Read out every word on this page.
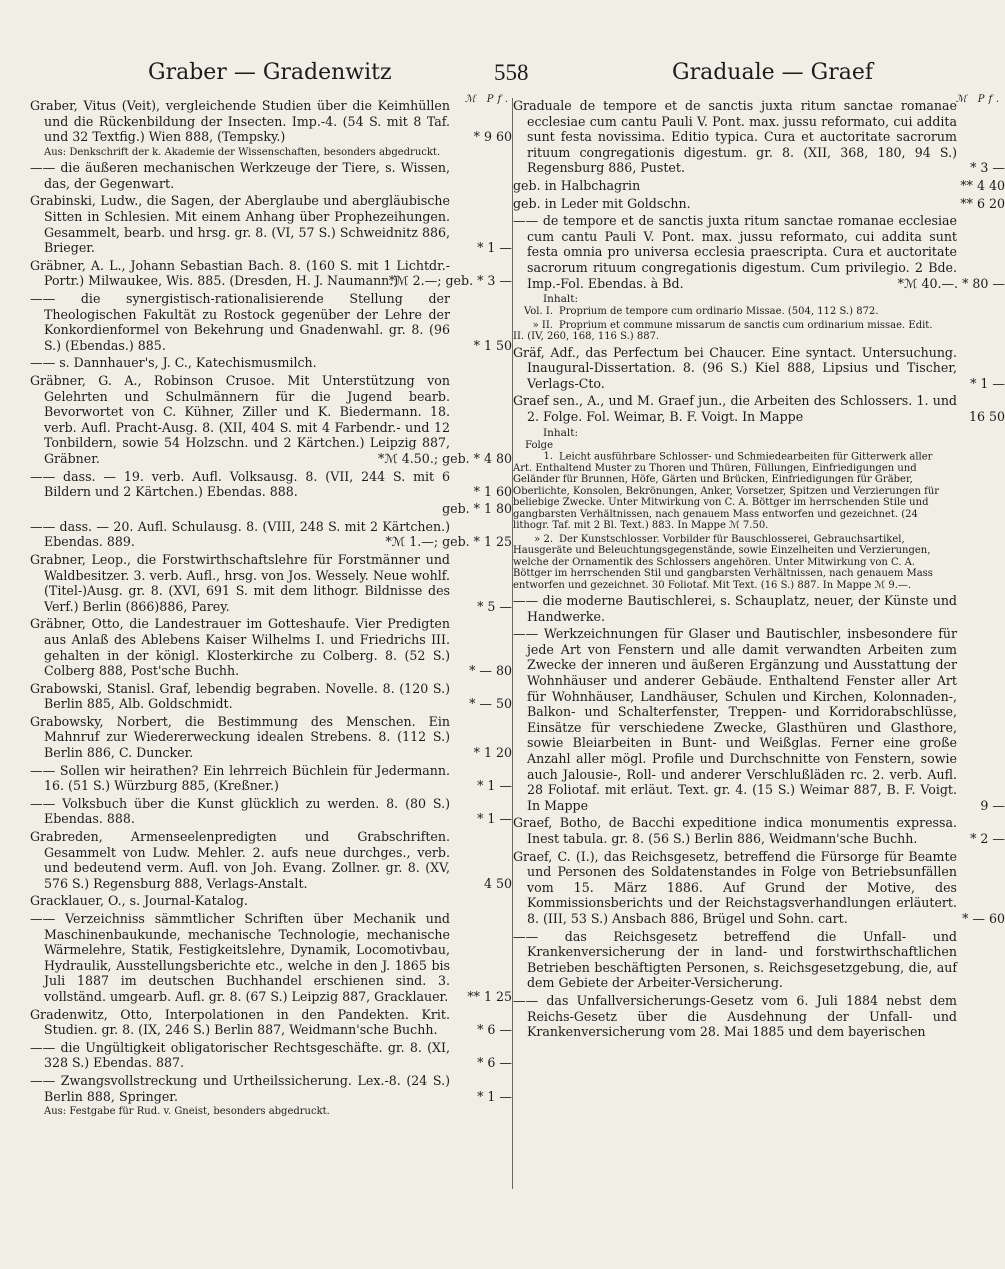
Graber — Gradenwitz	558	Graduale — Graef
ℳ Pf.
Graber, Vitus (Veit), vergleichende Studien über die Keimhüllen und die Rückenbildung der Insecten. Imp.-4. (54 S. mit 8 Taf. und 32 Textfig.) Wien 888, (Tempsky.)	* 9 60
Aus: Denkschrift der k. Akademie der Wissenschaften, besonders abgedruckt.
—— die äußeren mechanischen Werkzeuge der Tiere, s. Wissen, das, der Gegenwart.
Grabinski, Ludw., die Sagen, der Aberglaube und abergläubische Sitten in Schlesien. Mit einem Anhang über Prophezeihungen. Gesammelt, bearb. und hrsg. gr. 8. (VI, 57 S.) Schweidnitz 886, Brieger.	* 1 —
Gräbner, A. L., Johann Sebastian Bach. 8. (160 S. mit 1 Lichtdr.-Portr.) Milwaukee, Wis. 885. (Dresden, H. J. Naumann.)
*ℳ 2.—; geb. * 3 —
—— die synergistisch-rationalisierende Stellung der Theologischen Fakultät zu Rostock gegenüber der Lehre der Konkordienformel von Bekehrung und Gnadenwahl. gr. 8. (96 S.) (Ebendas.) 885.	* 1 50
—— s. Dannhauer's, J. C., Katechismusmilch.
Gräbner, G. A., Robinson Crusoe. Mit Unterstützung von Gelehrten und Schulmännern für die Jugend bearb. Bevorwortet von C. Kühner, Ziller und K. Biedermann. 18. verb. Aufl. Pracht-Ausg. 8. (XII, 404 S. mit 4 Farbendr.- und 12 Tonbildern, sowie 54 Holzschn. und 2 Kärtchen.) Leipzig 887, Gräbner.	*ℳ 4.50.; geb. * 4 80
—— dass. — 19. verb. Aufl. Volksausg. 8. (VII, 244 S. mit 6 Bildern und 2 Kärtchen.) Ebendas. 888.	* 1 60
geb. * 1 80
—— dass. — 20. Aufl. Schulausg. 8. (VIII, 248 S. mit 2 Kärtchen.) Ebendas. 889.	*ℳ 1.—; geb. * 1 25
Grabner, Leop., die Forstwirthschaftslehre für Forstmänner und Waldbesitzer. 3. verb. Aufl., hrsg. von Jos. Wessely. Neue wohlf. (Titel-)Ausg. gr. 8. (XVI, 691 S. mit dem lithogr. Bildnisse des Verf.) Berlin (866)886, Parey.	* 5 —
Gräbner, Otto, die Landestrauer im Gotteshaufe. Vier Predigten aus Anlaß des Ablebens Kaiser Wilhelms I. und Friedrichs III. gehalten in der königl. Klosterkirche zu Colberg. 8. (52 S.) Colberg 888, Post'sche Buchh.	* — 80
Grabowski, Stanisl. Graf, lebendig begraben. Novelle. 8. (120 S.) Berlin 885, Alb. Goldschmidt.	* — 50
Grabowsky, Norbert, die Bestimmung des Menschen. Ein Mahnruf zur Wiedererweckung idealen Strebens. 8. (112 S.) Berlin 886, C. Duncker.	* 1 20
—— Sollen wir heirathen? Ein lehrreich Büchlein für Jedermann. 16. (51 S.) Würzburg 885, (Kreßner.)	* 1 —
—— Volksbuch über die Kunst glücklich zu werden. 8. (80 S.) Ebendas. 888.	* 1 —
Grabreden, Armenseelenpredigten und Grabschriften. Gesammelt von Ludw. Mehler. 2. aufs neue durchges., verb. und bedeutend verm. Aufl. von Joh. Evang. Zollner. gr. 8. (XV, 576 S.) Regensburg 888, Verlags-Anstalt.	4 50
Gracklauer, O., s. Journal-Katalog.
—— Verzeichniss sämmtlicher Schriften über Mechanik und Maschinenbaukunde, mechanische Technologie, mechanische Wärmelehre, Statik, Festigkeitslehre, Dynamik, Locomotivbau, Hydraulik, Ausstellungsberichte etc., welche in den J. 1865 bis Juli 1887 im deutschen Buchhandel erschienen sind. 3. vollständ. umgearb. Aufl. gr. 8. (67 S.) Leipzig 887, Gracklauer. ** 1 25
Gradenwitz, Otto, Interpolationen in den Pandekten. Krit. Studien. gr. 8. (IX, 246 S.) Berlin 887, Weidmann'sche Buchh.	* 6 —
—— die Ungültigkeit obligatorischer Rechtsgeschäfte. gr. 8. (XI, 328 S.) Ebendas. 887.	* 6 —
—— Zwangsvollstreckung und Urtheilssicherung. Lex.-8. (24 S.) Berlin 888, Springer.	* 1 —
Aus: Festgabe für Rud. v. Gneist, besonders abgedruckt.
ℳ Pf.
Graduale de tempore et de sanctis juxta ritum sanctae romanae ecclesiae cum cantu Pauli V. Pont. max. jussu reformato, cui addita sunt festa novissima. Editio typica. Cura et auctoritate sacrorum rituum congregationis digestum. gr. 8. (XII, 368, 180, 94 S.) Regensburg 886, Pustet.	* 3 —
geb. in Halbchagrin	** 4 40
geb. in Leder mit Goldschn.	** 6 20
—— de tempore et de sanctis juxta ritum sanctae romanae ecclesiae cum cantu Pauli V. Pont. max. jussu reformato, cui addita sunt festa omnia pro universa ecclesia praescripta. Cura et auctoritate sacrorum rituum congregationis digestum. Cum privilegio. 2 Bde. Imp.-Fol. Ebendas. à Bd.	*ℳ 40.—. * 80 —
Inhalt:
Vol. I. Proprium de tempore cum ordinario Missae. (504, 112 S.) 872.
» II. Proprium et commune missarum de sanctis cum ordinarium missae. Edit. II. (IV, 260, 168, 116 S.) 887.
Gräf, Adf., das Perfectum bei Chaucer. Eine syntact. Untersuchung. Inaugural-Dissertation. 8. (96 S.) Kiel 888, Lipsius und Tischer, Verlags-Cto.	* 1 —
Graef sen., A., und M. Graef jun., die Arbeiten des Schlossers. 1. und 2. Folge. Fol. Weimar, B. F. Voigt. In Mappe	16 50
Inhalt:
Folge 1. Leicht ausführbare Schlosser- und Schmiedearbeiten für Gitterwerk aller Art. Enthaltend Muster zu Thoren und Thüren, Füllungen, Einfriedigungen und Geländer für Brunnen, Höfe, Gärten und Brücken, Einfriedigungen für Gräber, Oberlichte, Konsolen, Bekrönungen, Anker, Vorsetzer, Spitzen und Verzierungen für beliebige Zwecke. Unter Mitwirkung von C. A. Böttger im herrschenden Stile und gangbarsten Verhältnissen, nach genauem Mass entworfen und gezeichnet. (24 lithogr. Taf. mit 2 Bl. Text.) 883. In Mappe ℳ 7.50.
» 2. Der Kunstschlosser. Vorbilder für Bauschlosserei, Gebrauchsartikel, Hausgeräte und Beleuchtungsgegenstände, sowie Einzelheiten und Verzierungen, welche der Ornamentik des Schlossers angehören. Unter Mitwirkung von C. A. Böttger im herrschenden Stil und gangbarsten Verhältnissen, nach genauem Mass entworfen und gezeichnet. 30 Foliotaf. Mit Text. (16 S.) 887. In Mappe ℳ 9.—.
—— die moderne Bautischlerei, s. Schauplatz, neuer, der Künste und Handwerke.
—— Werkzeichnungen für Glaser und Bautischler, insbesondere für jede Art von Fenstern und alle damit verwandten Arbeiten zum Zwecke der inneren und äußeren Ergänzung und Ausstattung der Wohnhäuser und anderer Gebäude. Enthaltend Fenster aller Art für Wohnhäuser, Landhäuser, Schulen und Kirchen, Kolonnaden-, Balkon- und Schalterfenster, Treppen- und Korridorabschlüsse, Einsätze für verschiedene Zwecke, Glasthüren und Glasthore, sowie Bleiarbeiten in Bunt- und Weißglas. Ferner eine große Anzahl aller mögl. Profile und Durchschnitte von Fenstern, sowie auch Jalousie-, Roll- und anderer Verschlußläden rc. 2. verb. Aufl. 28 Foliotaf. mit erläut. Text. gr. 4. (15 S.) Weimar 887, B. F. Voigt. In Mappe	9 —
Graef, Botho, de Bacchi expeditione indica monumentis expressa. Inest tabula. gr. 8. (56 S.) Berlin 886, Weidmann'sche Buchh.	* 2 —
Graef, C. (I.), das Reichsgesetz, betreffend die Fürsorge für Beamte und Personen des Soldatenstandes in Folge von Betriebsunfällen vom 15. März 1886. Auf Grund der Motive, des Kommissionsberichts und der Reichstagsverhandlungen erläutert. 8. (III, 53 S.) Ansbach 886, Brügel und Sohn. cart.	* — 60
—— das Reichsgesetz betreffend die Unfall- und Krankenversicherung der in land- und forstwirthschaftlichen Betrieben beschäftigten Personen, s. Reichsgesetzgebung, die, auf dem Gebiete der Arbeiter-Versicherung.
—— das Unfallversicherungs-Gesetz vom 6. Juli 1884 nebst dem Reichs-Gesetz über die Ausdehnung der Unfall- und Krankenversicherung vom 28. Mai 1885 und dem bayerischen
